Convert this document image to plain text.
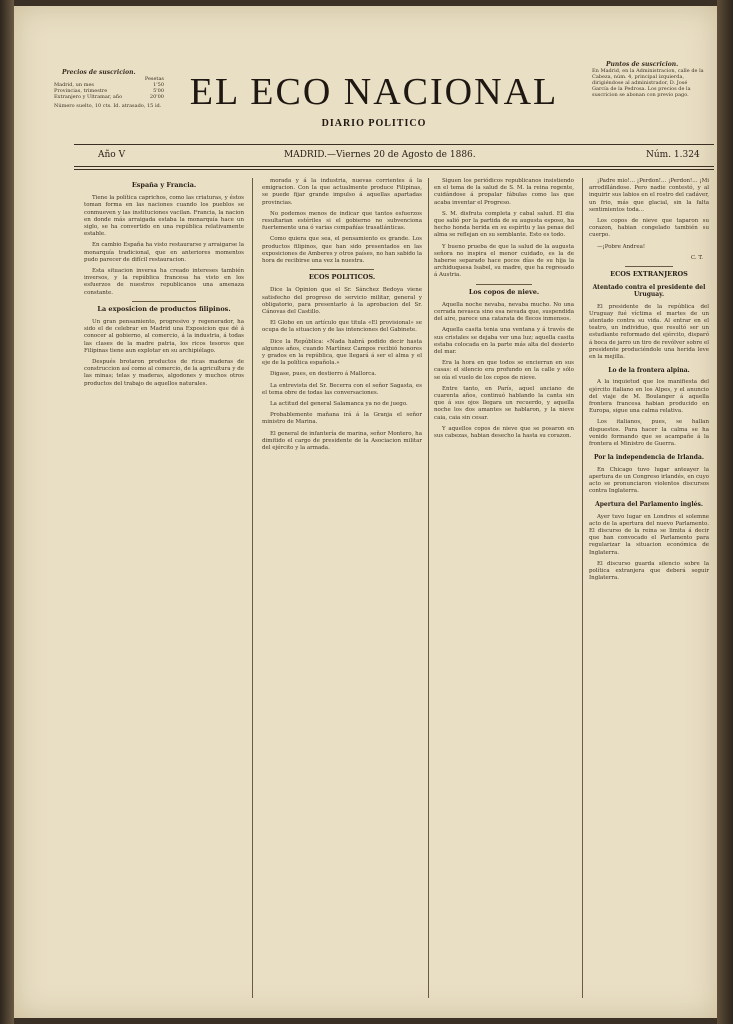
Precios de suscricion.
Pesetas
Madrid, un mes	1'50
Provincias, trimestre	5'00
Extranjero y Ultramar, año	20'00
Número suelto, 10 cts. Id. atrasado, 15 id. EL ECO NACIONAL
DIARIO POLITICO
Puntos de suscricion.
En Madrid, en la Administracion, calle de la Cabeza, núm. 4, principal izquierda, dirigiéndose al administrador, D. José García de la Pedrosa. Los precios de la suscricion se abonan con previo pago.
Año V	MADRID.—Viernes 20 de Agosto de 1886.	Núm. 1.324
España y Francia.

Tiene la política caprichos, como las criaturas, y éstos toman forma en las naciones cuando los pueblos se conmueven y las instituciones vacilan. Francia, la nacion en donde más arraigada estaba la monarquía hace un siglo, se ha convertido en una república relativamente estable.

En cambio España ha visto restaurarse y arraigarse la monarquía tradicional, que en anteriores momentos pudo parecer de difícil restauracion.

Esta situacion inversa ha creado intereses también inversos, y la república francesa ha visto en los esfuerzos de nuestros republicanos una amenaza constante.

La exposicion de productos filipinos.

Un gran pensamiento, progresivo y regenerador, ha sido el de celebrar en Madrid una Exposicion que dé á conocer al gobierno, al comercio, á la industria, á todas las clases de la madre patria, los ricos tesoros que Filipinas tiene aun explotar en su archipiélago.

Después brotaron productos de ricas maderas de construccion así como al comercio, de la agricultura y de las minas; telas y maderas, algodones y muchos otros productos del trabajo de aquellos naturales.

morada y á la industria, nuevas corrientes á la emigracion. Con la que actualmente produce Filipinas, se puede fijar grande impulso á aquellas apartadas provincias.

No podemos menos de indicar que tantos esfuerzos resultarian estériles si el gobierno no subvenciona fuertemente una ó varias compañías trasatlánticas.

Como quiera que sea, el pensamiento es grande. Los productos filipinos, que han sido presentados en las exposiciones de Amberes y otros países, no han sabido la hora de recibirse una vez la nuestra.

ECOS POLITICOS.

Dice la Opinion que el Sr. Sánchez Bedoya viene satisfecho del progreso de servicio militar, general y obligatorio, para presentarlo á la aprobacion del Sr. Cánovas del Castillo.

El Globo en un artículo que titula «El provisional» se ocupa de la situacion y de las intenciones del Gabinete.

Dice la República: «Nada habrá podido decir hasta algunos años, cuando Martínez Campos recibió honores y grados en la república, que llegará á ser el alma y el eje de la política española.»

Digase, pues, en destierro á Mallorca.

La entrevista del Sr. Becerra con el señor Sagasta, es el tema obre de todas las conversaciones.

La actitud del general Salamanca ya no de juego.

Probablemente mañana irá á la Granja el señor ministro de Marina.

El general de infantería de marina, señor Montero, ha dimitido el cargo de presidente de la Asociacion militar del ejército y la armada.

Siguen los periódicos republicanos insistiendo en el tema de la salud de S. M. la reina regente, cuidándose á propalar fábulas como las que acaba inventar el Progreso.

S. M. disfruta completa y cabal salud. El dia que salió por la partida de su augusta esposo, ha hecho honda herida en su espíritu y las penas del alma se reflejan en su semblante. Esto es todo.

Y bueno prueba de que la salud de la augusta señora no inspira el menor cuidado, es la de haberse separado hace pocos días de su hija la archiduquesa Isabel, su madre, que ha regresado á Austria.

Los copos de nieve.

Aquella noche nevaba, nevaba mucho. No una cerrada nevasca sino esa nevada que, suspendida del aire, parece una catarata de flecos inmensos.

Aquella casita tenia una ventana y á través de sus cristales se dejaba ver una luz; aquella casita estaba colocada en la parte más alta del desierto del mar.

Era la hora en que todos se encierran en sus casas: el silencio era profundo en la calle y sólo se oía el vuelo de los copos de nieve.

Entre tanto, en París, aquel anciano de cuarenta años, continuó hablando la canta sin que á sus ojos llegara un recuerdo, y aquella noche los dos amantes se hablaron, y la nieve caia, caia sin cesar.

Y aquellos copos de nieve que se posaron en sus cabezas, habian desecho la hasta su corazon.

¡Padre mio!... ¡Perdon!... ¡Perdon!... ¡Mi arrodillándose. Pero nadie contestó, y al inquirir sus labios en el rostro del cadáver, un frio, más que glacial, sin la falta sentimientos toda...

Los copos de nieve que taparon su corazon, habian congelado también su cuerpo.

—¡Pobre Andrea!

C. T.
ECOS EXTRANJEROS
Atentado contra el presidente del Uruguay.

El presidente de la república del Uruguay fué víctima el martes de un atentado contra su vida. Al entrar en el teatro, un individuo, que resultó ser un estudiante reformado del ejército, disparó á boca de jarro un tiro de revólver sobre el presidente produciéndole una herida leve en la mejilla.

Lo de la frontera alpina.

A la inquietud que los manifiesta del ejército italiano en los Alpes, y el anuncio del viaje de M. Boulanger á aquella frontera francesa habian producido en Europa, sigue una calma relativa.

Los italianos, pues, se hallan dispuestos. Para hacer la calma se ha venido formando que se acampañe á la frontera el Ministro de Guerra.

Por la independencia de Irlanda.

En Chicago tuvo lugar anteayer la apertura de un Congreso irlandés, en cuyo acto se pronunciaron violentos discursos contra Inglaterra.

Apertura del Parlamento inglés.

Ayer tuvo lugar en Londres el solemne acto de la apertura del nuevo Parlamento. El discurso de la reina se limita á decir que han convocado el Parlamento para regularizar la situacion económica de Inglaterra.

El discurso guarda silencio sobre la política extranjera que deberá seguir Inglaterra.
